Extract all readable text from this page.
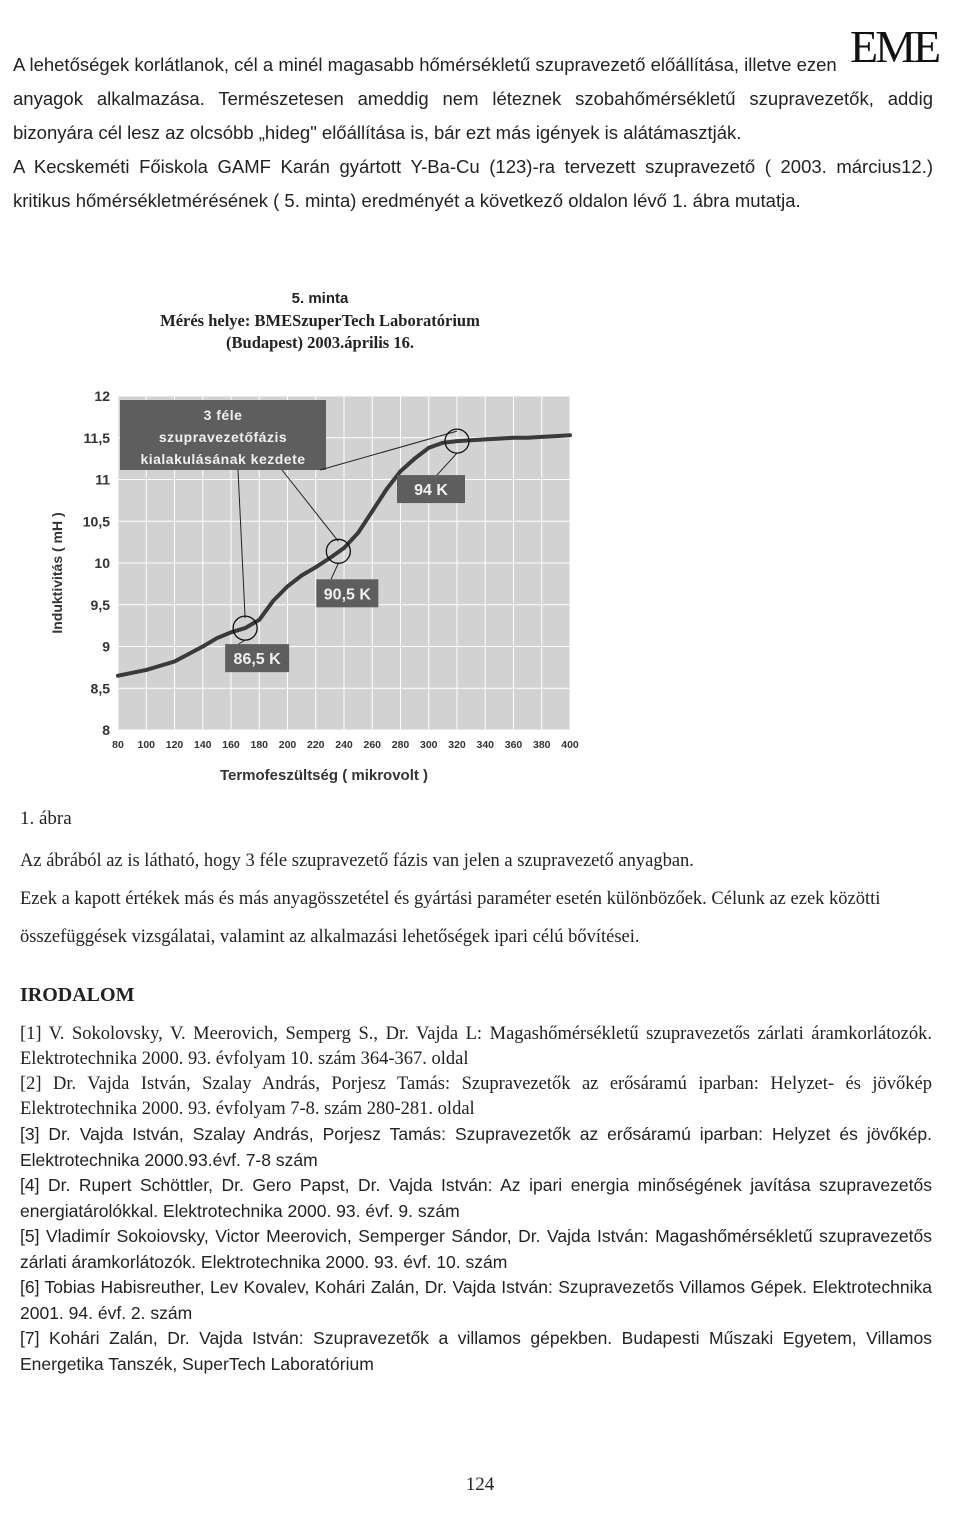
EME

A lehetőségek korlátlanok, cél a minél magasabb hőmérsékletű szupravezető előállítása, illetve ezen

anyagok alkalmazása. Természetesen ameddig nem léteznek szobahőmérsékletű szupravezetők, addig bizonyára cél lesz az olcsóbb „hideg" előállítása is, bár ezt más igények is alátámasztják.

A Kecskeméti Főiskola GAMF Karán gyártott Y-Ba-Cu (123)-ra tervezett szupravezető ( 2003. március12.) kritikus hőmérsékletmérésének ( 5. minta) eredményét a következő oldalon lévő 1. ábra mutatja.

5. minta
Mérés helye: BMESzuperTech Laboratórium
(Budapest) 2003.április 16.
8
8,5
9
9,5
10
10,5
11
11,5
12
80 100 120 140 160 180 200 220 240 260 280 300 320 340 360 380 400
Termofeszültség ( mikrovolt )
Induktivitás ( mH )
3 féle
szupravezetőfázis
kialakulásának kezdete
94 K
90,5 K
86,5 K
1. ábra

Az ábrából az is látható, hogy 3 féle szupravezető fázis van jelen a szupravezető anyagban.

Ezek a kapott értékek más és más anyagösszetétel és gyártási paraméter esetén különbözőek. Célunk az ezek közötti összefüggések vizsgálatai, valamint az alkalmazási lehetőségek ipari célú bővítései.

IRODALOM

[1] V. Sokolovsky, V. Meerovich, Semperg S., Dr. Vajda L: Magashőmérsékletű szupravezetős zárlati áramkorlátozók. Elektrotechnika 2000. 93. évfolyam 10. szám 364-367. oldal

[2] Dr. Vajda István, Szalay András, Porjesz Tamás: Szupravezetők az erősáramú iparban: Helyzet- és jövőkép Elektrotechnika 2000. 93. évfolyam 7-8. szám 280-281. oldal

[3] Dr. Vajda István, Szalay András, Porjesz Tamás: Szupravezetők az erősáramú iparban: Helyzet és jövőkép. Elektrotechnika 2000.93.évf. 7-8 szám

[4] Dr. Rupert Schöttler, Dr. Gero Papst, Dr. Vajda István: Az ipari energia minőségének javítása szupravezetős energiatárolókkal. Elektrotechnika 2000. 93. évf. 9. szám

[5] Vladimír Sokoiovsky, Victor Meerovich, Semperger Sándor, Dr. Vajda István: Magashőmérsékletű szupravezetős zárlati áramkorlátozók. Elektrotechnika 2000. 93. évf. 10. szám

[6] Tobias Habisreuther, Lev Kovalev, Kohári Zalán, Dr. Vajda István: Szupravezetős Villamos Gépek. Elektrotechnika 2001. 94. évf. 2. szám

[7] Kohári Zalán, Dr. Vajda István: Szupravezetők a villamos gépekben. Budapesti Műszaki Egyetem, Villamos Energetika Tanszék, SuperTech Laboratórium

124
